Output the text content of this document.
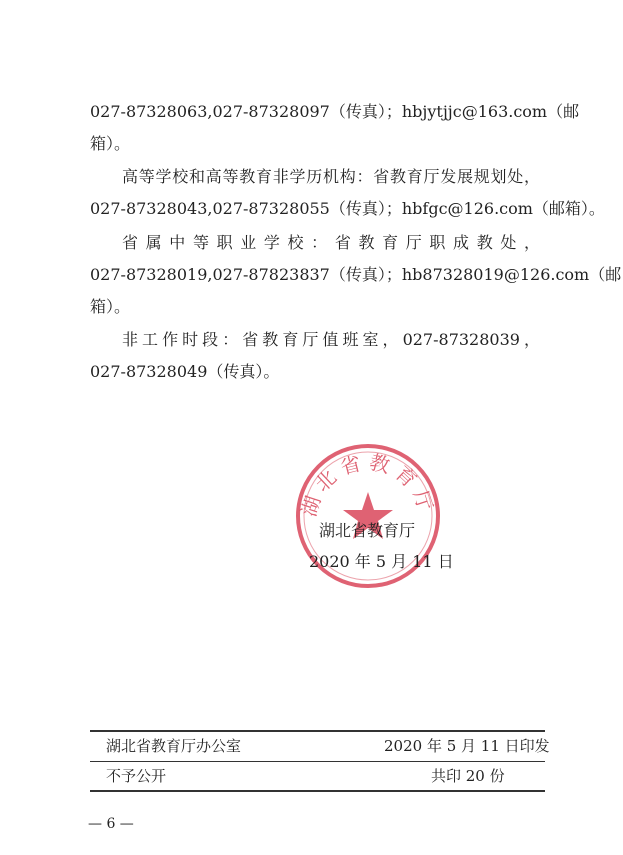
027-87328063,027-87328097（传真）；hbjytjjc@163.com（邮
箱）。
高等学校和高等教育非学历机构：省教育厅发展规划处，
027-87328043,027-87328055（传真）；hbfgc@126.com（邮箱）。
省属中等职业学校：省教育厅职成教处，
027-87328019,027-87823837（传真）；hb87328019@126.com（邮
箱）。
非工作时段：省教育厅值班室，027-87328039，
027-87328049（传真）。
湖北省教育厅
湖北省教育厅
2020 年 5 月 11 日
湖北省教育厅办公室	2020 年 5 月 11 日印发
不予公开	共印 20 份
— 6 —
